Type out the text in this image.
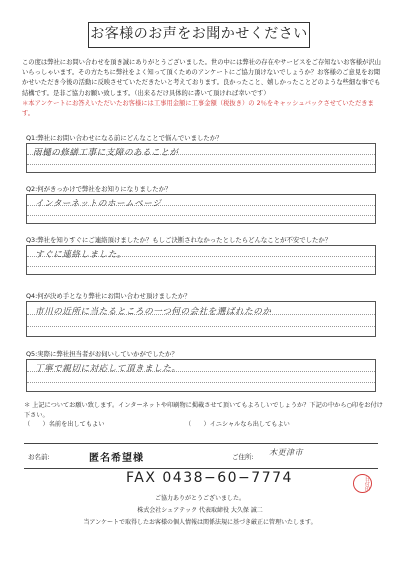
お客様のお声をお聞かせください
この度は弊社にお問い合わせを頂き誠にありがとうございました。世の中には弊社の存在やサービスをご存知ないお客様が沢山いらっしゃいます。その方たちに弊社をよく知って頂くためのアンケートにご協力頂けないでしょうか？お客様のご意見をお聞かせいただき今後の活動に反映させていただきたいと考えております。良かったこと、嬉しかったことどのような些細な事でも結構です。是非ご協力お願い致します。（出来るだけ具体的に書いて頂ければ幸いです）
＊本アンケートにお答えいただいたお客様には工事用金額に工事金額（税抜き）の 2％をキャッシュバックさせていただきます。
Q1:弊社にお問い合わせになる前にどんなことで悩んでいましたか？
雨樋の修繕工事に支障のあることが
Q2:何がきっかけで弊社をお知りになりましたか？
インターネットのホームページ
Q3:弊社を知りすぐにご連絡頂けましたか？もしご決断されなかったとしたらどんなことが不安でしたか？
すぐに連絡しました。
Q4:何が決め手となり弊社にお問い合わせ頂けましたか？
市川の近所に当たるところの一つ何の会社を選ばれたのか
Q5:実際に弊社担当者がお伺いしていかがでしたか？
丁寧で親切に対応して頂きました。
＊ 上記についてお願い致します。インターネットや印刷物に掲載させて頂いてもよろしいでしょうか？下記の中から○印をお付け下さい。
（　　）名前を出してもよい	（　　）イニシャルなら出してもよい
お名前:	匿名希望様	ご住所: 木更津市
FAX 0438−60−7774	日付印
ご協力ありがとうございました。
株式会社シェアテック 代表取締役 大久保 誠二
当アンケートで取得したお客様の個人情報は関係法規に基づき厳正に管理いたします。
